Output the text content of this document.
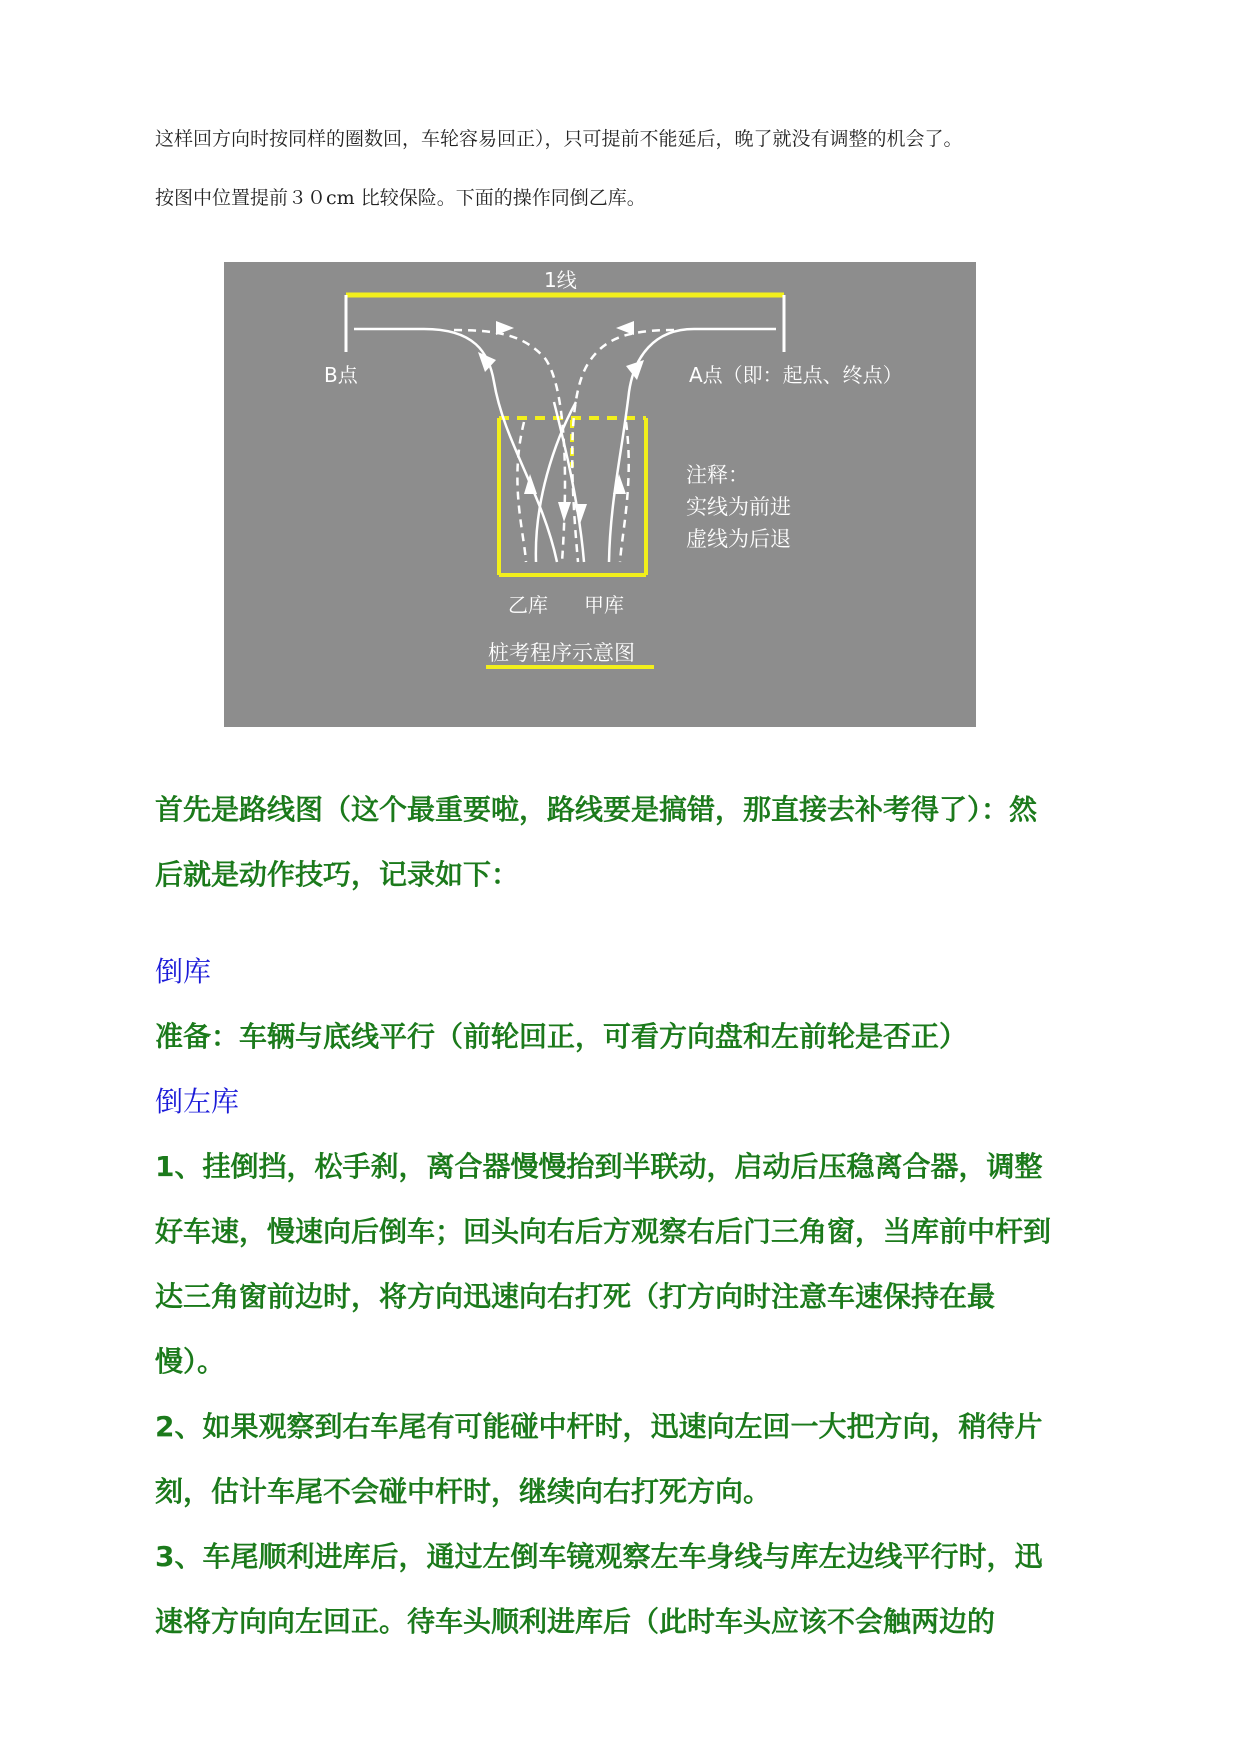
这样回方向时按同样的圈数回，车轮容易回正），只可提前不能延后，晚了就没有调整的机会了。
按图中位置提前３０cm 比较保险。下面的操作同倒乙库。
1线
B点	A点（即：起点、终点）
注释：
实线为前进
虚线为后退
乙库 甲库
桩考程序示意图
首先是路线图（这个最重要啦，路线要是搞错，那直接去补考得了）：然
后就是动作技巧，记录如下：
倒库
准备：车辆与底线平行（前轮回正，可看方向盘和左前轮是否正）
倒左库
1、挂倒挡，松手刹，离合器慢慢抬到半联动，启动后压稳离合器，调整
好车速，慢速向后倒车；回头向右后方观察右后门三角窗，当库前中杆到
达三角窗前边时，将方向迅速向右打死（打方向时注意车速保持在最
慢）。
2、如果观察到右车尾有可能碰中杆时，迅速向左回一大把方向，稍待片
刻，估计车尾不会碰中杆时，继续向右打死方向。
3、车尾顺利进库后，通过左倒车镜观察左车身线与库左边线平行时，迅
速将方向向左回正。待车头顺利进库后（此时车头应该不会触两边的
